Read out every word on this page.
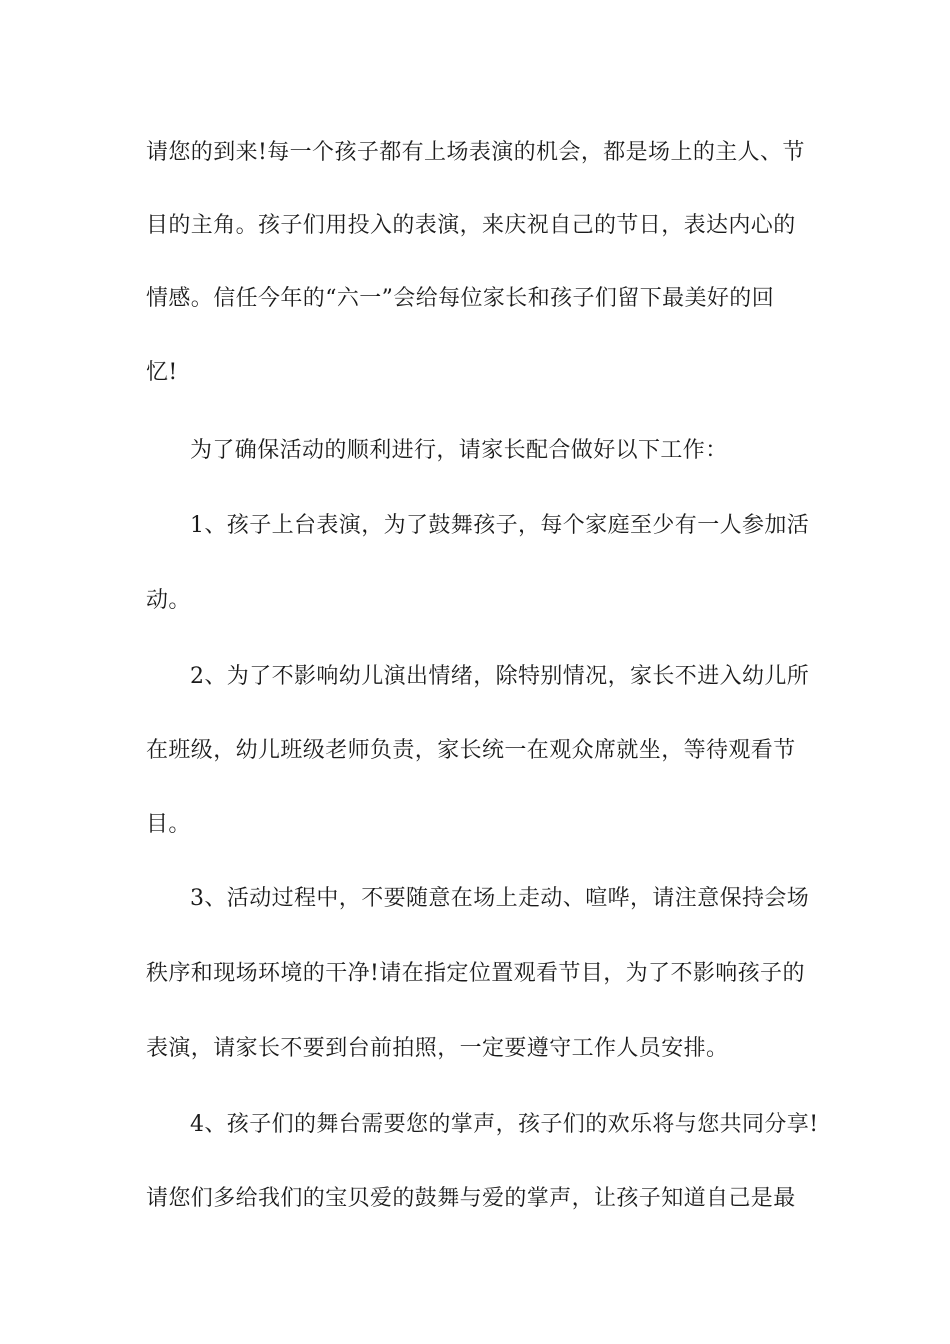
请您的到来!每一个孩子都有上场表演的机会，都是场上的主人、节
目的主角。孩子们用投入的表演，来庆祝自己的节日，表达内心的
情感。信任今年的“六一”会给每位家长和孩子们留下最美好的回
忆!
为了确保活动的顺利进行，请家长配合做好以下工作：
1、孩子上台表演，为了鼓舞孩子，每个家庭至少有一人参加活
动。
2、为了不影响幼儿演出情绪，除特别情况，家长不进入幼儿所
在班级，幼儿班级老师负责，家长统一在观众席就坐，等待观看节
目。
3、活动过程中，不要随意在场上走动、喧哗，请注意保持会场
秩序和现场环境的干净!请在指定位置观看节目，为了不影响孩子的
表演，请家长不要到台前拍照，一定要遵守工作人员安排。
4、孩子们的舞台需要您的掌声，孩子们的欢乐将与您共同分享!
请您们多给我们的宝贝爱的鼓舞与爱的掌声，让孩子知道自己是最
